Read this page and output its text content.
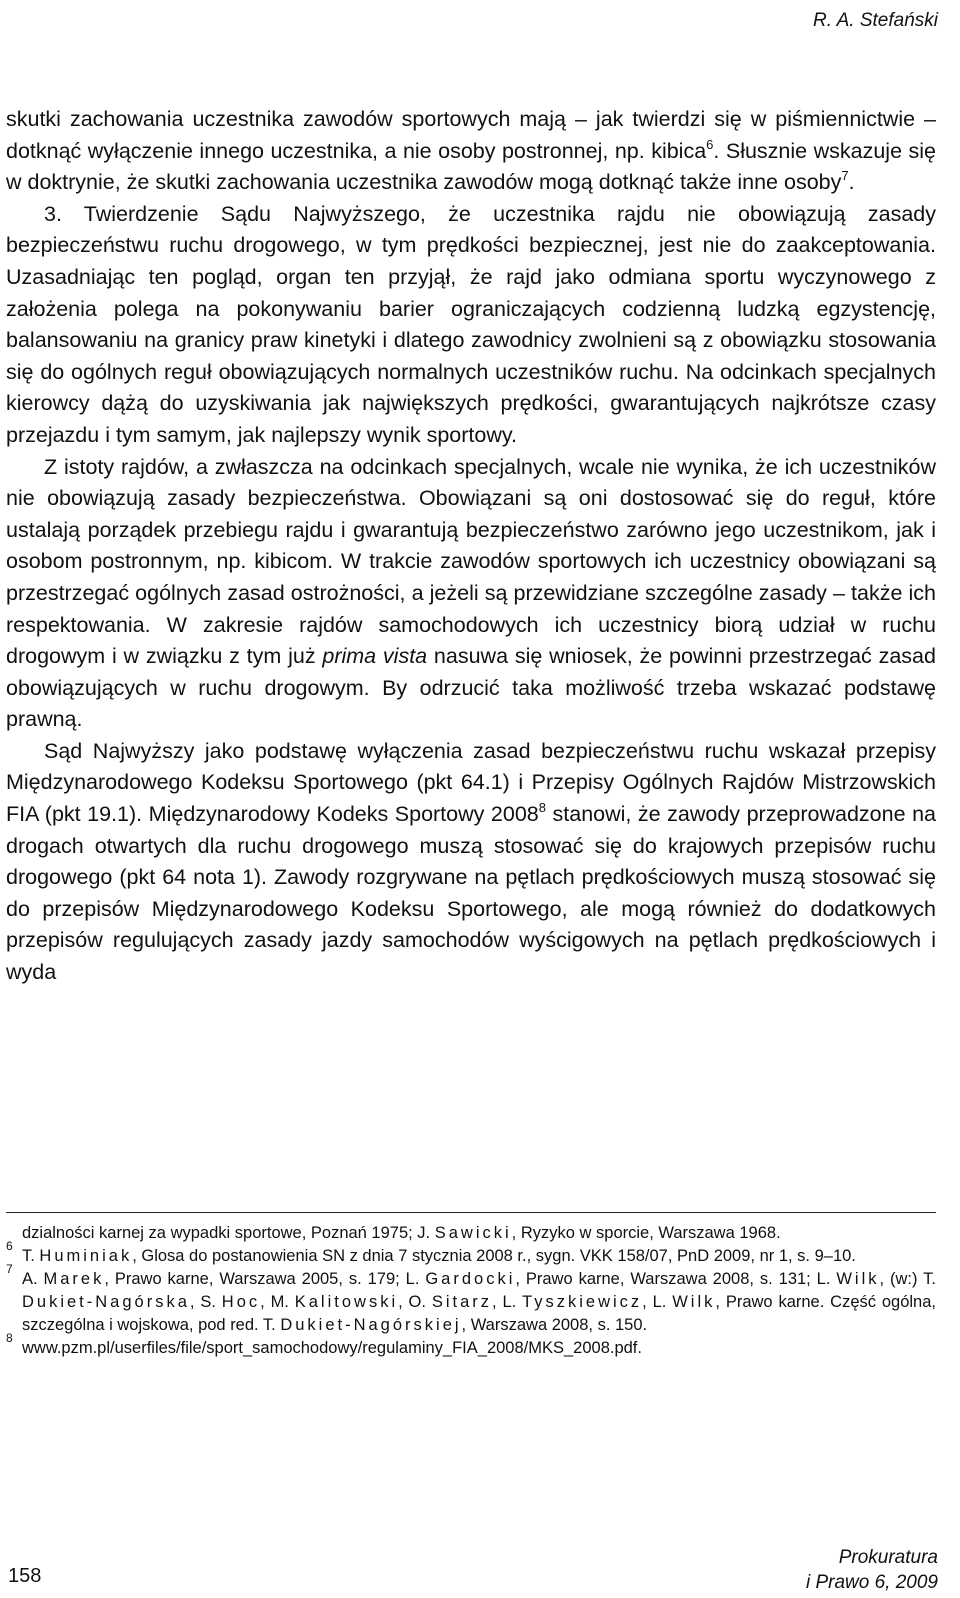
R. A. Stefański

skutki zachowania uczestnika zawodów sportowych mają – jak twierdzi się w piśmiennictwie – dotknąć wyłączenie innego uczestnika, a nie osoby postronnej, np. kibica$^6$. Słusznie wskazuje się w doktrynie, że skutki zachowania uczestnika zawodów mogą dotknąć także inne osoby$^7$.

3. Twierdzenie Sądu Najwyższego, że uczestnika rajdu nie obowiązują zasady bezpieczeństwu ruchu drogowego, w tym prędkości bezpiecznej, jest nie do zaakceptowania. Uzasadniając ten pogląd, organ ten przyjął, że rajd jako odmiana sportu wyczynowego z założenia polega na pokonywaniu barier ograniczających codzienną ludzką egzystencję, balansowaniu na granicy praw kinetyki i dlatego zawodnicy zwolnieni są z obowiązku stosowania się do ogólnych reguł obowiązujących normalnych uczestników ruchu. Na odcinkach specjalnych kierowcy dążą do uzyskiwania jak największych prędkości, gwarantujących najkrótsze czasy przejazdu i tym samym, jak najlepszy wynik sportowy.

Z istoty rajdów, a zwłaszcza na odcinkach specjalnych, wcale nie wynika, że ich uczestników nie obowiązują zasady bezpieczeństwa. Obowiązani są oni dostosować się do reguł, które ustalają porządek przebiegu rajdu i gwarantują bezpieczeństwo zarówno jego uczestnikom, jak i osobom postronnym, np. kibicom. W trakcie zawodów sportowych ich uczestnicy obowiązani są przestrzegać ogólnych zasad ostrożności, a jeżeli są przewidziane szczególne zasady – także ich respektowania. W zakresie rajdów samochodowych ich uczestnicy biorą udział w ruchu drogowym i w związku z tym już prima vista nasuwa się wniosek, że powinni przestrzegać zasad obowiązujących w ruchu drogowym. By odrzucić taka możliwość trzeba wskazać podstawę prawną.

Sąd Najwyższy jako podstawę wyłączenia zasad bezpieczeństwu ruchu wskazał przepisy Międzynarodowego Kodeksu Sportowego (pkt 64.1) i Przepisy Ogólnych Rajdów Mistrzowskich FIA (pkt 19.1). Międzynarodowy Kodeks Sportowy 2008$^8$ stanowi, że zawody przeprowadzone na drogach otwartych dla ruchu drogowego muszą stosować się do krajowych przepisów ruchu drogowego (pkt 64 nota 1). Zawody rozgrywane na pętlach prędkościowych muszą stosować się do przepisów Międzynarodowego Kodeksu Sportowego, ale mogą również do dodatkowych przepisów regulujących zasady jazdy samochodów wyścigowych na pętlach prędkościowych i wyda

dzialności karnej za wypadki sportowe, Poznań 1975; J. Sawicki, Ryzyko w sporcie, Warszawa 1968.

6
T. Huminiak, Glosa do postanowienia SN z dnia 7 stycznia 2008 r., sygn. VKK 158/07, PnD 2009, nr 1, s. 9–10.

7
A. Marek, Prawo karne, Warszawa 2005, s. 179; L. Gardocki, Prawo karne, Warszawa 2008, s. 131; L. Wilk, (w:) T. Dukiet-Nagórska, S. Hoc, M. Kalitowski, O. Sitarz, L. Tyszkiewicz, L. Wilk, Prawo karne. Część ogólna, szczególna i wojskowa, pod red. T. Dukiet-Nagórskiej, Warszawa 2008, s. 150.

8
www.pzm.pl/userfiles/file/sport_samochodowy/regulaminy_FIA_2008/MKS_2008.pdf.

158
Prokuratura
i Prawo 6, 2009
